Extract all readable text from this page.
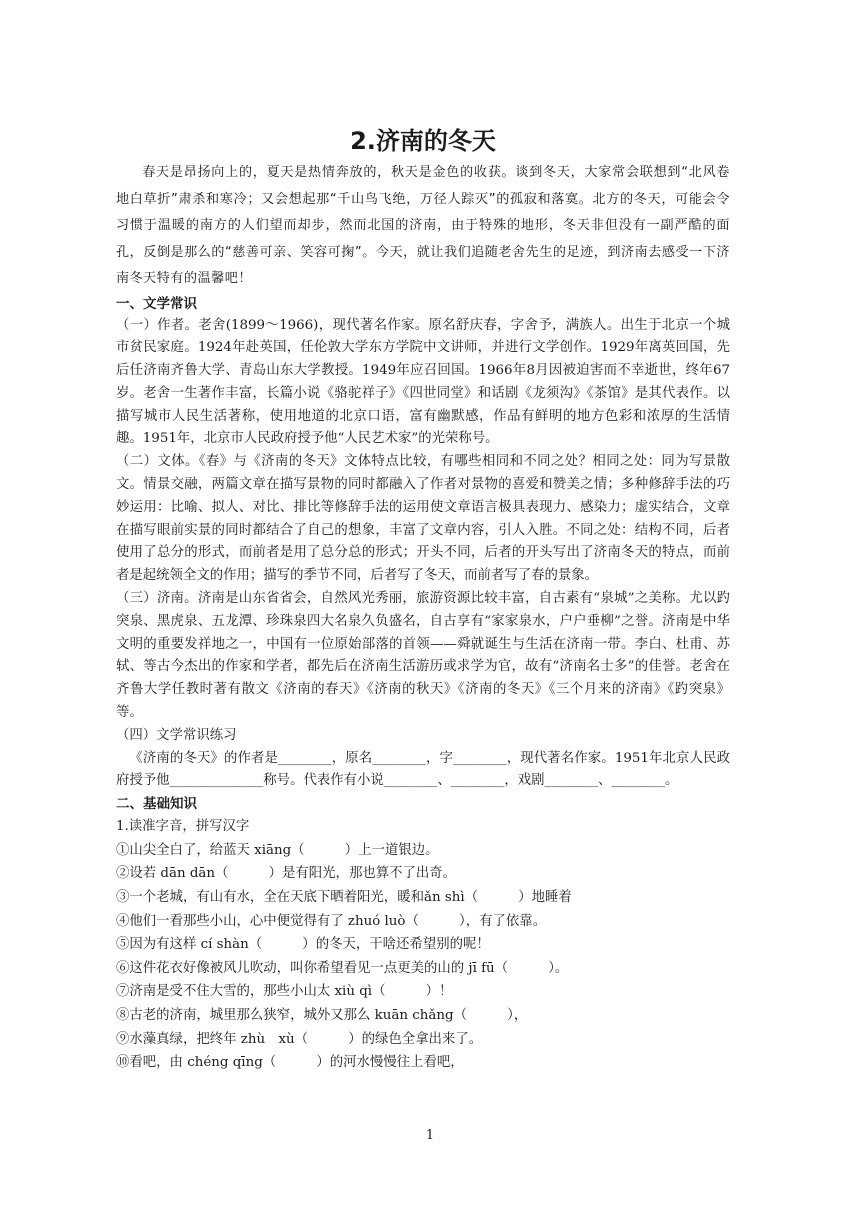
2.济南的冬天

春天是昂扬向上的，夏天是热情奔放的，秋天是金色的收获。谈到冬天，大家常会联想到“北风卷地白草折”肃杀和寒冷；又会想起那“千山鸟飞绝，万径人踪灭”的孤寂和落寞。北方的冬天，可能会令习惯于温暖的南方的人们望而却步，然而北国的济南，由于特殊的地形，冬天非但没有一副严酷的面孔，反倒是那么的“慈善可亲、笑容可掬”。今天，就让我们追随老舍先生的足迹，到济南去感受一下济南冬天特有的温馨吧！

一、文学常识

（一）作者。老舍(1899～1966)，现代著名作家。原名舒庆春，字舍予，满族人。出生于北京一个城市贫民家庭。1924年赴英国，任伦敦大学东方学院中文讲师，并进行文学创作。1929年离英回国，先后任济南齐鲁大学、青岛山东大学教授。1949年应召回国。1966年8月因被迫害而不幸逝世，终年67岁。老舍一生著作丰富，长篇小说《骆驼祥子》《四世同堂》和话剧《龙须沟》《茶馆》是其代表作。以描写城市人民生活著称，使用地道的北京口语，富有幽默感，作品有鲜明的地方色彩和浓厚的生活情趣。1951年，北京市人民政府授予他“人民艺术家”的光荣称号。

（二）文体。《春》与《济南的冬天》文体特点比较，有哪些相同和不同之处？相同之处：同为写景散文。情景交融，两篇文章在描写景物的同时都融入了作者对景物的喜爱和赞美之情；多种修辞手法的巧妙运用：比喻、拟人、对比、排比等修辞手法的运用使文章语言极具表现力、感染力；虚实结合，文章在描写眼前实景的同时都结合了自己的想象，丰富了文章内容，引人入胜。不同之处：结构不同，后者使用了总分的形式，而前者是用了总分总的形式；开头不同，后者的开头写出了济南冬天的特点，而前者是起统领全文的作用；描写的季节不同，后者写了冬天，而前者写了春的景象。

（三）济南。济南是山东省省会，自然风光秀丽，旅游资源比较丰富，自古素有“泉城”之美称。尤以趵突泉、黑虎泉、五龙潭、珍珠泉四大名泉久负盛名，自古享有“家家泉水，户户垂柳”之誉。济南是中华文明的重要发祥地之一，中国有一位原始部落的首领——舜就诞生与生活在济南一带。李白、杜甫、苏轼、等古今杰出的作家和学者，都先后在济南生活游历或求学为官，故有“济南名士多”的佳誉。老舍在齐鲁大学任教时著有散文《济南的春天》《济南的秋天》《济南的冬天》《三个月来的济南》《趵突泉》等。

（四）文学常识练习

《济南的冬天》的作者是________，原名________，字________，现代著名作家。1951年北京人民政府授予他______________称号。代表作有小说________、________，戏剧________、________。

二、基础知识

1.读准字音，拼写汉字

①山尖全白了，给蓝天 xiāng（　　　）上一道银边。

②设若 dān dān（　　　）是有阳光，那也算不了出奇。

③一个老城，有山有水，全在天底下晒着阳光，暖和ǎn shì（　　　）地睡着

④他们一看那些小山，心中便觉得有了 zhuó luò（　　　），有了依靠。

⑤因为有这样 cí shàn（　　　）的冬天，干啥还希望别的呢！

⑥这件花衣好像被风儿吹动，叫你希望看见一点更美的山的 jī fū（　　　）。

⑦济南是受不住大雪的，那些小山太 xiù qì（　　　）！

⑧古老的济南，城里那么狭窄，城外又那么 kuān chǎng（　　　），

⑨水藻真绿，把终年 zhù　xù（　　　）的绿色全拿出来了。

⑩看吧，由 chéng qīng（　　　）的河水慢慢往上看吧，

1
